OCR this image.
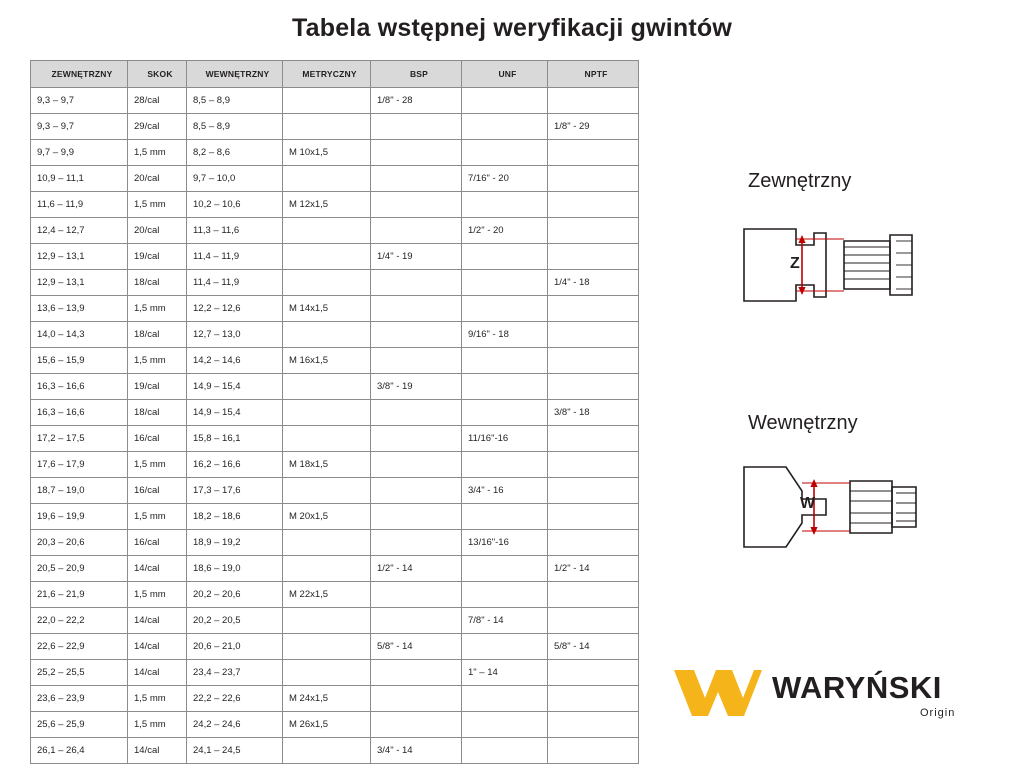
Tabela wstępnej weryfikacji gwintów
ZEWNĘTRZNY	SKOK	WEWNĘTRZNY	METRYCZNY	BSP	UNF	NPTF
9,3 – 9,7	28/cal	8,5 – 8,9		1/8" - 28		
9,3 – 9,7	29/cal	8,5 – 8,9				1/8" - 29
9,7 – 9,9	1,5 mm	8,2 – 8,6	M 10x1,5			
10,9 – 11,1	20/cal	9,7 – 10,0			7/16" - 20	
11,6 – 11,9	1,5 mm	10,2 – 10,6	M 12x1,5			
12,4 – 12,7	20/cal	11,3 – 11,6			1/2" - 20	
12,9 – 13,1	19/cal	11,4 – 11,9		1/4" - 19		
12,9 – 13,1	18/cal	11,4 – 11,9				1/4" - 18
13,6 – 13,9	1,5 mm	12,2 – 12,6	M 14x1,5			
14,0 – 14,3	18/cal	12,7 – 13,0			9/16" - 18	
15,6 – 15,9	1,5 mm	14,2 – 14,6	M 16x1,5			
16,3 – 16,6	19/cal	14,9 – 15,4		3/8" - 19		
16,3 – 16,6	18/cal	14,9 – 15,4				3/8" - 18
17,2 – 17,5	16/cal	15,8 – 16,1			11/16"-16	
17,6 – 17,9	1,5 mm	16,2 – 16,6	M 18x1,5			
18,7 – 19,0	16/cal	17,3 – 17,6			3/4" - 16	
19,6 – 19,9	1,5 mm	18,2 – 18,6	M 20x1,5			
20,3 – 20,6	16/cal	18,9 – 19,2			13/16"-16	
20,5 – 20,9	14/cal	18,6 – 19,0		1/2" - 14		1/2" - 14
21,6 – 21,9	1,5 mm	20,2 – 20,6	M 22x1,5			
22,0 – 22,2	14/cal	20,2 – 20,5			7/8" - 14	
22,6 – 22,9	14/cal	20,6 – 21,0		5/8" - 14		5/8" - 14
25,2 – 25,5	14/cal	23,4 – 23,7			1" – 14	
23,6 – 23,9	1,5 mm	22,2 – 22,6	M 24x1,5			
25,6 – 25,9	1,5 mm	24,2 – 24,6	M 26x1,5			
26,1 – 26,4	14/cal	24,1 – 24,5		3/4" - 14		
Zewnętrzny
Z
Wewnętrzny
W
WARYŃSKI
Origin
